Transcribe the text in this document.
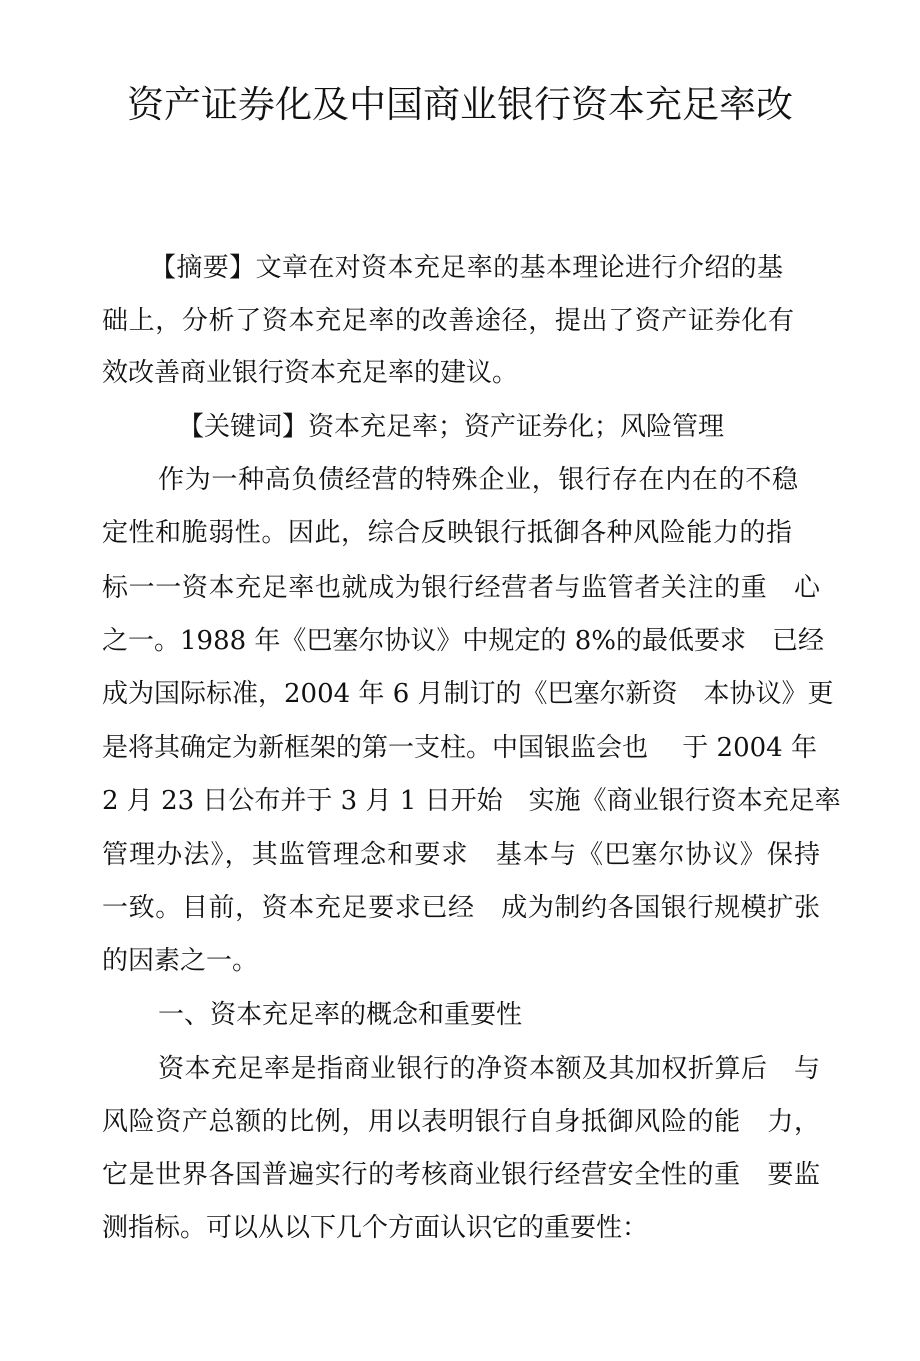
资产证券化及中国商业银行资本充足率改

【摘要】文章在对资本充足率的基本理论进行介绍的基

础上，分析了资本充足率的改善途径，提出了资产证券化有

效改善商业银行资本充足率的建议。

【关键词】资本充足率；资产证券化；风险管理

作为一种高负债经营的特殊企业，银行存在内在的不稳

定性和脆弱性。因此，综合反映银行抵御各种风险能力的指

标一一资本充足率也就成为银行经营者与监管者关注的重　心

之一。1988 年《巴塞尔协议》中规定的 8%的最低要求　已经

成为国际标准，2004 年 6 月制订的《巴塞尔新资　本协议》更

是将其确定为新框架的第一支柱。中国银监会也　 于 2004 年

2 月 23 日公布并于 3 月 1 日开始　实施《商业银行资本充足率

管理办法》，其监管理念和要求　基本与《巴塞尔协议》保持

一致。目前，资本充足要求已经　成为制约各国银行规模扩张

的因素之一。

一、资本充足率的概念和重要性

资本充足率是指商业银行的净资本额及其加权折算后　与

风险资产总额的比例，用以表明银行自身抵御风险的能　力，

它是世界各国普遍实行的考核商业银行经营安全性的重　要监

测指标。可以从以下几个方面认识它的重要性：
